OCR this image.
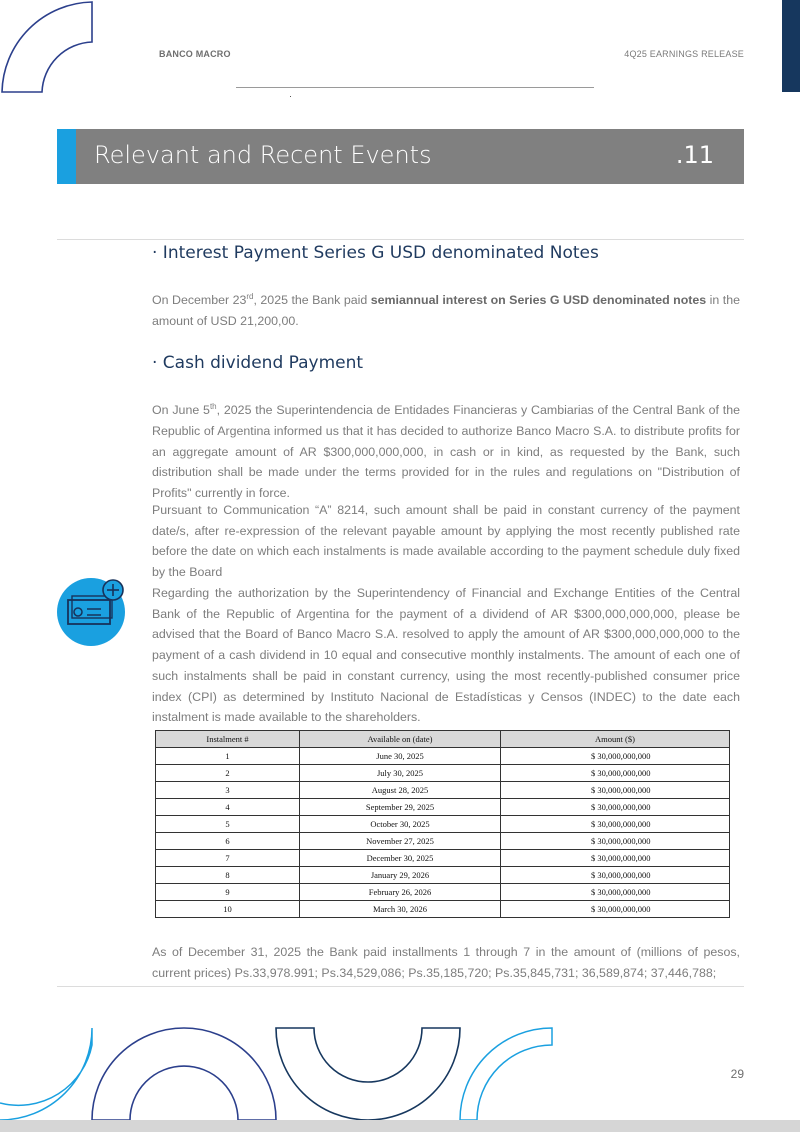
BANCO MACRO	4Q25 EARNINGS RELEASE
Relevant and Recent Events	.11
· Interest Payment Series G USD denominated Notes
On December 23rd, 2025 the Bank paid semiannual interest on Series G USD denominated notes in the amount of USD 21,200,00.
· Cash dividend Payment
On June 5th, 2025 the Superintendencia de Entidades Financieras y Cambiarias of the Central Bank of the Republic of Argentina informed us that it has decided to authorize Banco Macro S.A. to distribute profits for an aggregate amount of AR $300,000,000,000, in cash or in kind, as requested by the Bank, such distribution shall be made under the terms provided for in the rules and regulations on "Distribution of Profits" currently in force.
Pursuant to Communication “A” 8214, such amount shall be paid in constant currency of the payment date/s, after re-expression of the relevant payable amount by applying the most recently published rate before the date on which each instalments is made available according to the payment schedule duly fixed by the Board
Regarding the authorization by the Superintendency of Financial and Exchange Entities of the Central Bank of the Republic of Argentina for the payment of a dividend of AR $300,000,000,000, please be advised that the Board of Banco Macro S.A. resolved to apply the amount of AR $300,000,000,000 to the payment of a cash dividend in 10 equal and consecutive monthly instalments. The amount of each one of such instalments shall be paid in constant currency, using the most recently-published consumer price index (CPI) as determined by Instituto Nacional de Estadísticas y Censos (INDEC) to the date each instalment is made available to the shareholders.
Instalment #	Available on (date)	Amount ($)
1	June 30, 2025	$ 30,000,000,000
2	July 30, 2025	$ 30,000,000,000
3	August 28, 2025	$ 30,000,000,000
4	September 29, 2025	$ 30,000,000,000
5	October 30, 2025	$ 30,000,000,000
6	November 27, 2025	$ 30,000,000,000
7	December 30, 2025	$ 30,000,000,000
8	January 29, 2026	$ 30,000,000,000
9	February 26, 2026	$ 30,000,000,000
10	March 30, 2026	$ 30,000,000,000
As of December 31, 2025 the Bank paid installments 1 through 7 in the amount of (millions of pesos, current prices) Ps.33,978.991; Ps.34,529,086; Ps.35,185,720; Ps.35,845,731; 36,589,874; 37,446,788;
29
